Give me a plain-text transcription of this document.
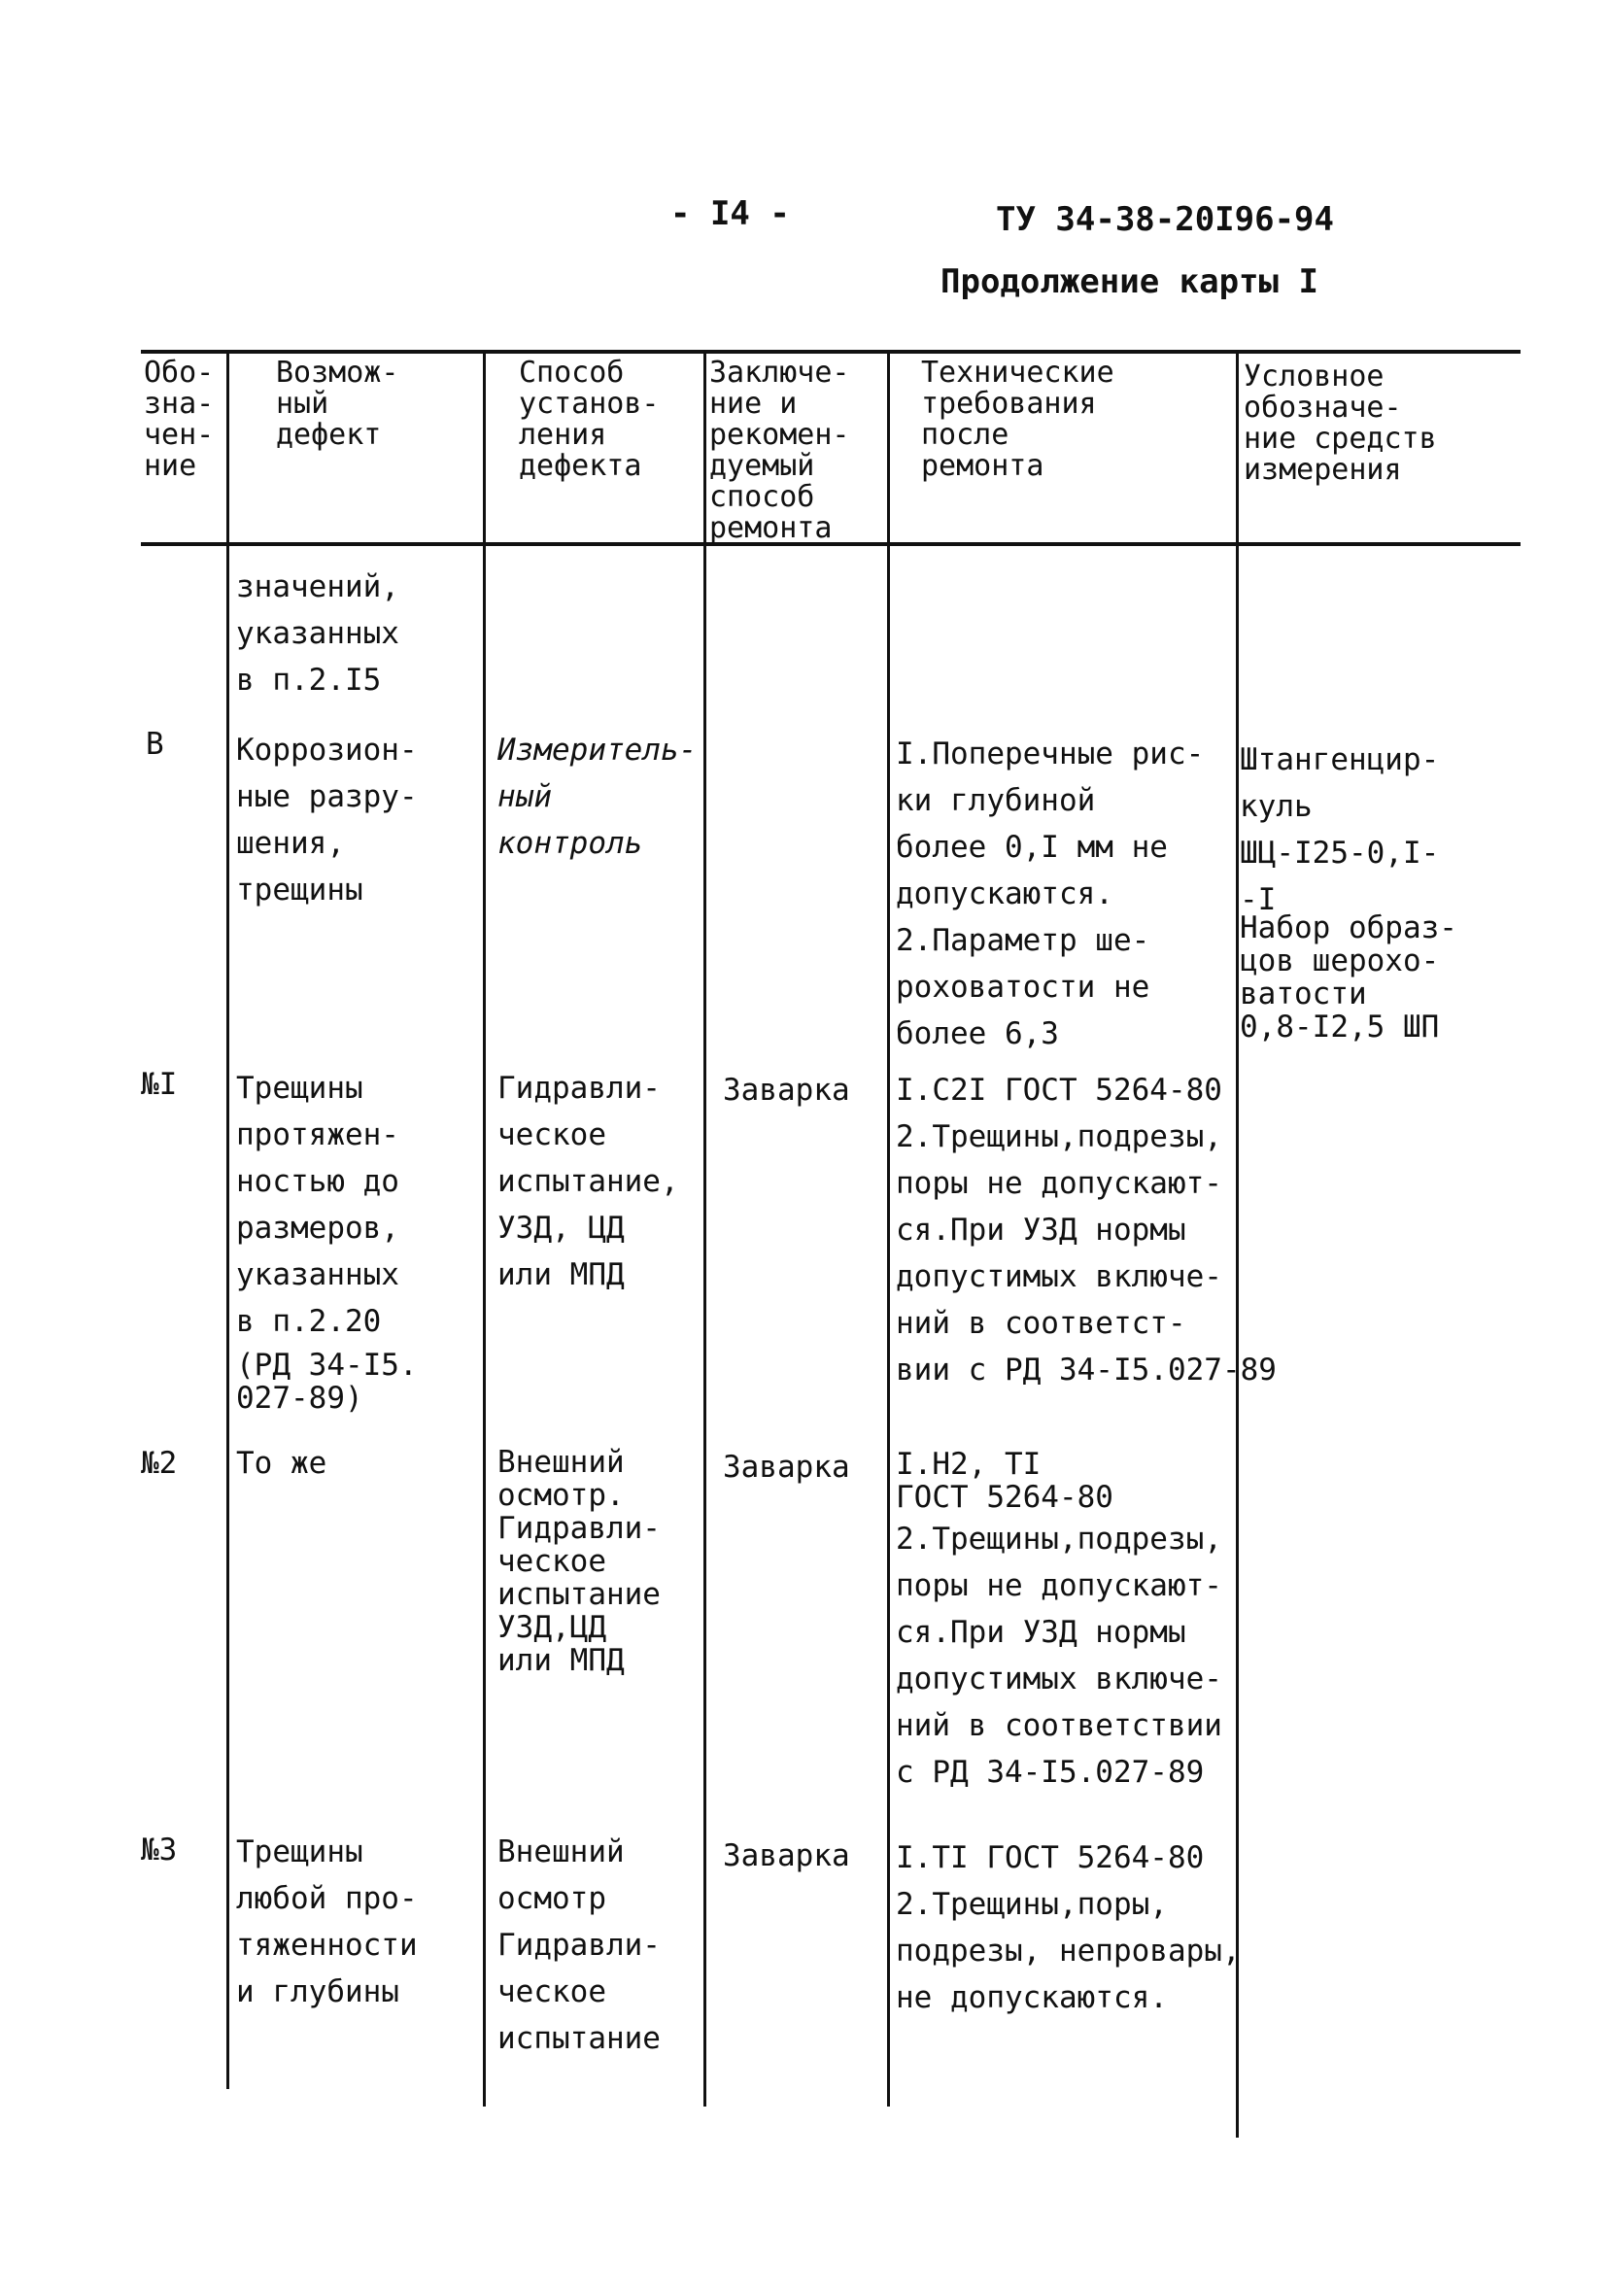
- I4 -	ТУ 34-38-20I96-94
Продолжение карты I
Обо-
зна-
чен-
ние
Возмож-
ный
дефект
Способ
установ-
ления
дефекта
Заключе-
ние и
рекомен-
дуемый
способ
ремонта
Технические
требования
после
ремонта
Условное
обозначе-
ние средств
измерения
значений,
указанных
в п.2.I5
В Коррозион-
ные разру-
шения,
трещины
Измеритель-
ный
контроль
I.Поперечные рис-
ки глубиной
более 0,I мм не
допускаются.
2.Параметр ше-
роховатости не
более 6,3
Штангенцир-
куль
ШЦ-I25-0,I-
-I
Набор образ-
цов шерохо-
ватости
0,8-I2,5 ШП
№I Трещины
протяжен-
ностью до
размеров,
указанных
в п.2.20
(РД 34-I5.
027-89)
Гидравли-
ческое
испытание,
УЗД, ЦД
или МПД
Заварка I.С2I ГОСТ 5264-80
2.Трещины,подрезы,
поры не допускают-
ся.При УЗД нормы
допустимых включе-
ний в соответст-
вии с РД 34-I5.027-89
№2 То же	Внешний
осмотр.
Гидравли-
ческое
испытание
УЗД,ЦД
или МПД
Заварка I.Н2, ТI
ГОСТ 5264-80
2.Трещины,подрезы,
поры не допускают-
ся.При УЗД нормы
допустимых включе-
ний в соответствии
с РД 34-I5.027-89
№3 Трещины
любой про-
тяженности
и глубины
Внешний
осмотр
Гидравли-
ческое
испытание
Заварка I.ТI ГОСТ 5264-80
2.Трещины,поры,
подрезы, непровары,
не допускаются.
